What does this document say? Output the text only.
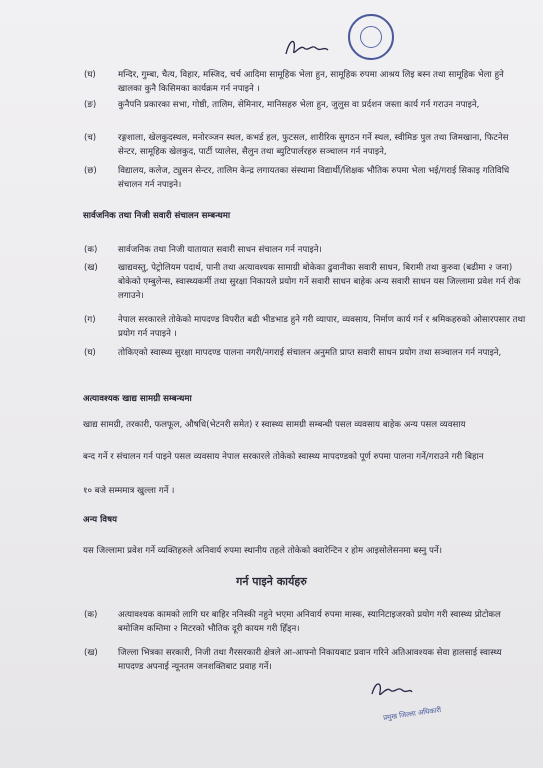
(घ)	मन्दिर, गुम्बा, चैत्य, विहार, मस्जिद, चर्च आदिमा सामूहिक भेला हुन, सामूहिक रुपमा आश्रय लिइ बस्न तथा सामूहिक भेला हुने खालका कुनै किसिमका कार्यक्रम गर्न नपाइने ।
(ङ)	कुनैपनि प्रकारका सभा, गोष्ठी, तालिम, सेमिनार, मानिसहरु भेला हुन, जुलुस वा प्रर्दशन जस्ता कार्य गर्न गराउन नपाइने,
(च)	रङ्गशाला, खेलकुदस्थल, मनोरञ्जन स्थल, कभर्ड हल, फुटसल, शारीरिक सुगठन गर्ने स्थल, स्वीमिङ पुल तथा जिमखाना, फिटनेस सेन्टर, सामूहिक खेलकुद, पार्टी प्यालेस, सैलुन तथा ब्युटिपार्लरहरु सञ्चालन गर्न नपाइने,
(छ) विद्यालय, कलेज, ट्युसन सेन्टर, तालिम केन्द्र लगायतका संस्थामा विद्यार्थी/शिक्षक भौतिक रुपमा भेला भई/गराई सिकाइ गतिविधि संचालन गर्न नपाइने।
सार्वजनिक तथा निजी सवारी संचालन सम्बन्धमा
(क) सार्वजनिक तथा निजी यातायात सवारी साधन संचालन गर्न नपाइने।
(ख) खाद्यवस्तु, पेट्रोलियम पदार्थ, पानी तथा अत्यावश्यक सामाग्री बोकेका ढुवानीका सवारी साधन, बिरामी तथा कुरुवा (बढीमा २ जना) बोकेको एम्बुलेन्स, स्वास्थ्यकर्मी तथा सुरक्षा निकायले प्रयोग गर्ने सवारी साधन बाहेक अन्य सवारी साधन यस जिल्लामा प्रवेश गर्न रोक लगाउने।
(ग)	नेपाल सरकारले तोकेको मापदण्ड विपरीत बढी भीडभाड हुने गरी व्यापार, व्यवसाय, निर्माण कार्य गर्न र श्रमिकहरुको ओसारपसार तथा प्रयोग गर्न नपाइने ।
(घ)	तोकिएको स्वास्थ्य सुरक्षा मापदण्ड पालना नगरी/नगराई संचालन अनुमति प्राप्त सवारी साधन प्रयोग तथा सञ्चालन गर्न नपाइने,
अत्यावश्यक खाद्य सामग्री सम्बन्धमा
खाद्य सामग्री, तरकारी, फलफूल, औषधि(भेटनरी समेत) र स्वास्थ्य सामग्री सम्बन्धी पसल व्यवसाय बाहेक अन्य पसल व्यवसाय
बन्द गर्ने र संचालन गर्न पाइने पसल व्यवसाय नेपाल सरकारले तोकेको स्वास्थ्य मापदण्डको पूर्ण रुपमा पालना गर्ने/गराउने गरी बिहान
१० बजे सम्ममात्र खुल्ला गर्ने ।
अन्य विषय
यस जिल्लामा प्रवेश गर्ने व्यक्तिहरुले अनिवार्य रुपमा स्थानीय तहले तोकेको क्वारेन्टिन र होम आइसोलेसनमा बस्नु पर्ने।
गर्न पाइने कार्यहरु
(क) अत्यावश्यक कामको लागि घर बाहिर ननिस्की नहुने भएमा अनिवार्य रुपमा मास्क, स्यानिटाइजरको प्रयोग गरी स्वास्थ्य प्रोटोकल बमोजिम कम्तिमा २ मिटरको भौतिक दूरी कायम गरी हिँड्न।
(ख) जिल्ला भित्रका सरकारी, निजी तथा गैरसरकारी क्षेत्रले आ-आफ्नो निकायबाट प्रवान गरिने अतिआवश्यक सेवा हालसाई स्वास्थ्य मापदण्ड अपनाई न्यूनतम जनशक्तिबाट प्रवाह गर्ने।
प्रमुख जिल्ला अधिकारी
